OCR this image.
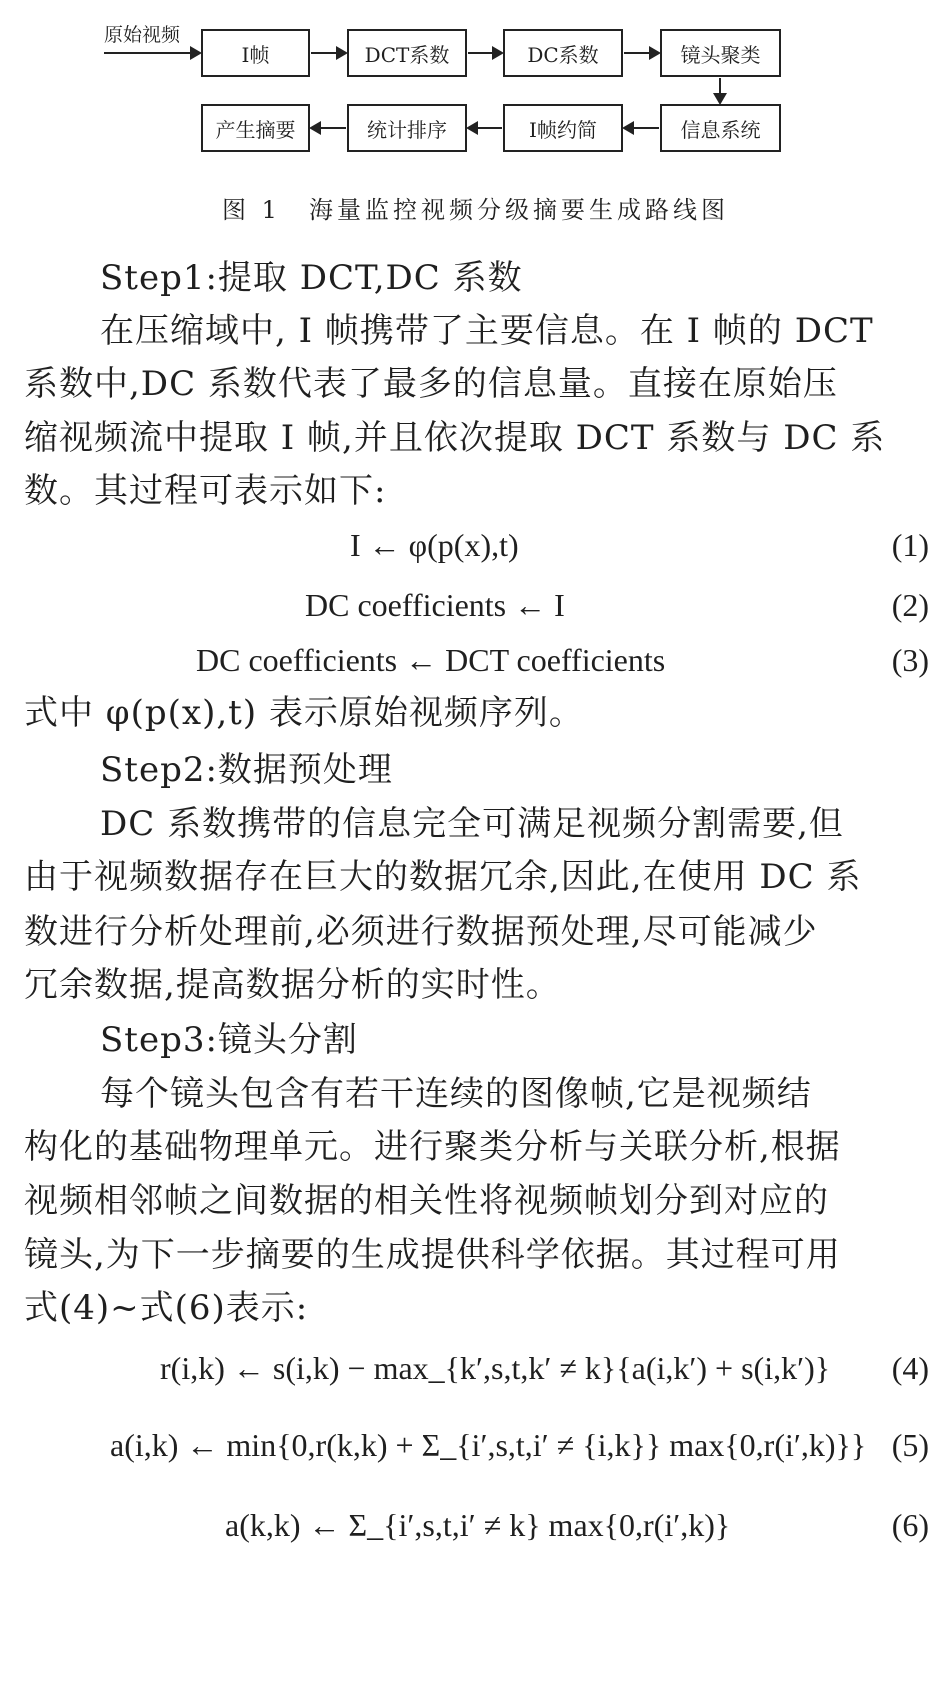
原始视频
I帧	DCT系数	DC系数	镜头聚类
信息系统
I帧约简
统计排序
产生摘要
图 1　海量监控视频分级摘要生成路线图
Step1:提取 DCT,DC 系数
在压缩域中, I 帧携带了主要信息。在 I 帧的 DCT
系数中,DC 系数代表了最多的信息量。直接在原始压
缩视频流中提取 I 帧,并且依次提取 DCT 系数与 DC 系
数。其过程可表示如下:
I ← φ(p(x),t)	(1)
DC coefficients ← I	(2)
DC coefficients ← DCT coefficients	(3)
式中 φ(p(x),t) 表示原始视频序列。
Step2:数据预处理
DC 系数携带的信息完全可满足视频分割需要,但
由于视频数据存在巨大的数据冗余,因此,在使用 DC 系
数进行分析处理前,必须进行数据预处理,尽可能减少
冗余数据,提高数据分析的实时性。
Step3:镜头分割
每个镜头包含有若干连续的图像帧,它是视频结
构化的基础物理单元。进行聚类分析与关联分析,根据
视频相邻帧之间数据的相关性将视频帧划分到对应的
镜头,为下一步摘要的生成提供科学依据。其过程可用
式(4)~式(6)表示:
r(i,k) ← s(i,k) − max_{k′,s,t,k′ ≠ k}{a(i,k′) + s(i,k′)} (4)
a(i,k) ← min{0,r(k,k) + Σ_{i′,s,t,i′ ≠ {i,k}} max{0,r(i′,k)}} (5)
a(k,k) ← Σ_{i′,s,t,i′ ≠ k} max{0,r(i′,k)}	(6)
